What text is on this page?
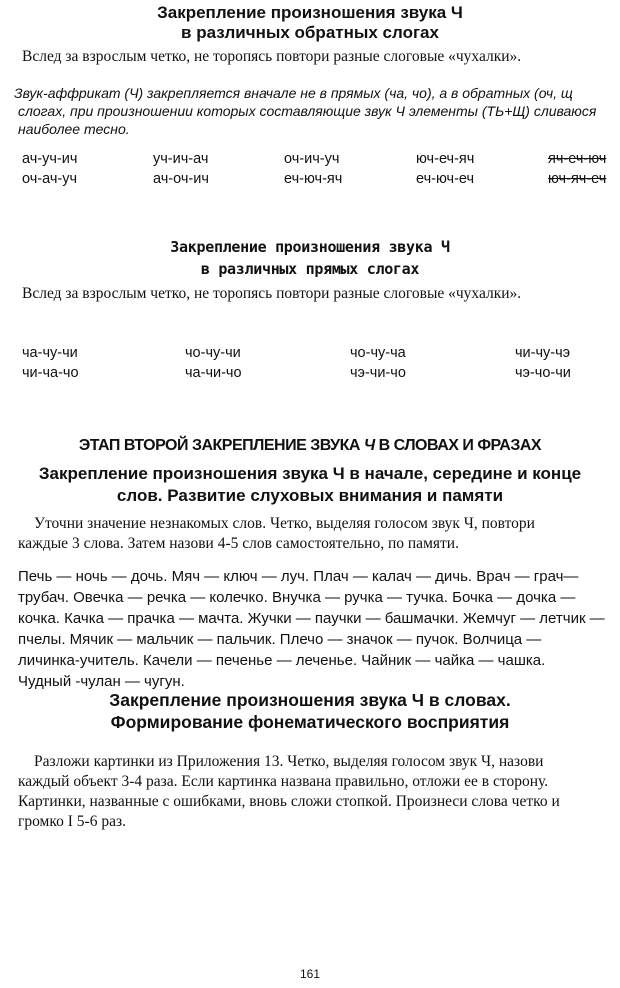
Закрепление произношения звука Ч
в различных обратных слогах
Вслед за взрослым четко, не торопясь повтори разные слоговые «чухалки».
Звук-аффрикат (Ч) закрепляется вначале не в прямых (ча, чо), а в обратных (оч, щ
слогах, при произношении которых составляющие звук Ч элементы (ТЬ+Щ) сливаюся
наиболее тесно.
ач-уч-ич	уч-ич-ач	оч-ич-уч	юч-еч-яч	яч-еч-юч
оч-ач-уч	ач-оч-ич	еч-юч-яч	еч-юч-еч	юч-яч-еч
Закрепление произношения звука Ч
в различных прямых слогах
Вслед за взрослым четко, не торопясь повтори разные слоговые «чухалки».
ча-чу-чи	чо-чу-чи	чо-чу-ча	чи-чу-чэ
чи-ча-чо	ча-чи-чо	чэ-чи-чо	чэ-чо-чи
ЭТАП ВТОРОЙ ЗАКРЕПЛЕНИЕ ЗВУКА Ч В СЛОВАХ И ФРАЗАХ
Закрепление произношения звука Ч в начале, середине и конце
слов. Развитие слуховых внимания и памяти
Уточни значение незнакомых слов. Четко, выделяя голосом звук Ч, повтори
каждые 3 слова. Затем назови 4-5 слов самостоятельно, по памяти.
Печь — ночь — дочь. Мяч — ключ — луч. Плач — калач — дичь. Врач — грач—
трубач. Овечка — речка — колечко. Внучка — ручка — тучка. Бочка — дочка —
кочка. Качка — прачка — мачта. Жучки — паучки — башмачки. Жемчуг — летчик —
пчелы. Мячик — мальчик — пальчик. Плечо — значок — пучок. Волчица —
личинка-учитель. Качели — печенье — леченье. Чайник — чайка — чашка.
Чудный -чулан — чугун.
Закрепление произношения звука Ч в словах.
Формирование фонематического восприятия
Разложи картинки из Приложения 13. Четко, выделяя голосом звук Ч, назови
каждый объект 3-4 раза. Если картинка названа правильно, отложи ее в сторону.
Картинки, названные с ошибками, вновь сложи стопкой. Произнеси слова четко и
громко I 5-6 раз.
161
